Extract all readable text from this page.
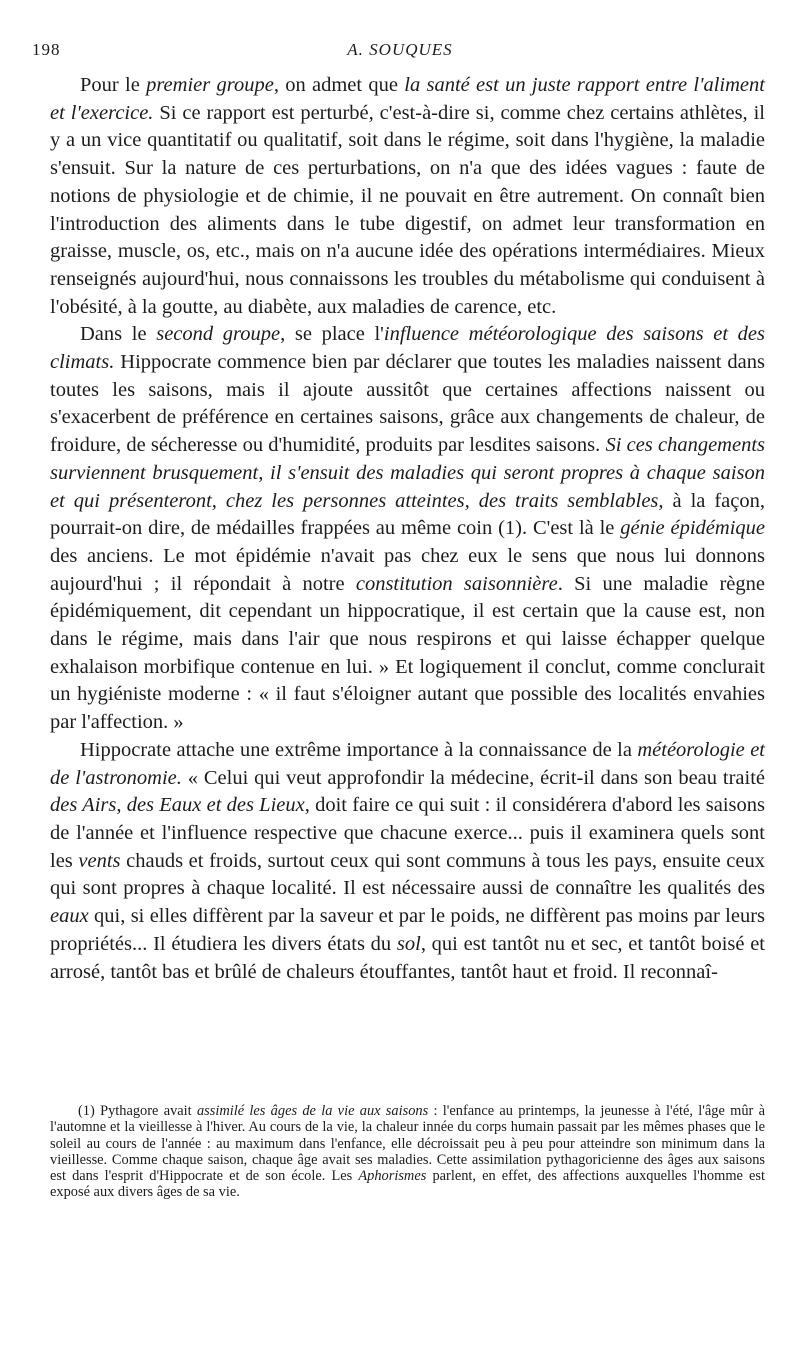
198	A. SOUQUES

Pour le premier groupe, on admet que la santé est un juste rapport entre l'aliment et l'exercice. Si ce rapport est perturbé, c'est-à-dire si, comme chez certains athlètes, il y a un vice quantitatif ou qualitatif, soit dans le régime, soit dans l'hygiène, la maladie s'ensuit. Sur la nature de ces perturbations, on n'a que des idées vagues : faute de notions de physiologie et de chimie, il ne pouvait en être autrement. On connaît bien l'introduction des aliments dans le tube digestif, on admet leur transformation en graisse, muscle, os, etc., mais on n'a aucune idée des opérations intermédiaires. Mieux renseignés aujourd'hui, nous connaissons les troubles du métabolisme qui conduisent à l'obésité, à la goutte, au diabète, aux maladies de carence, etc.

Dans le second groupe, se place l'influence météorologique des saisons et des climats. Hippocrate commence bien par déclarer que toutes les maladies naissent dans toutes les saisons, mais il ajoute aussitôt que certaines affections naissent ou s'exacerbent de préférence en certaines saisons, grâce aux changements de chaleur, de froidure, de sécheresse ou d'humidité, produits par lesdites saisons. Si ces changements surviennent brusquement, il s'ensuit des maladies qui seront propres à chaque saison et qui présenteront, chez les personnes atteintes, des traits semblables, à la façon, pourrait-on dire, de médailles frappées au même coin (1). C'est là le génie épidémique des anciens. Le mot épidémie n'avait pas chez eux le sens que nous lui donnons aujourd'hui ; il répondait à notre constitution saisonnière. Si une maladie règne épidémiquement, dit cependant un hippocratique, il est certain que la cause est, non dans le régime, mais dans l'air que nous respirons et qui laisse échapper quelque exhalaison morbifique contenue en lui. » Et logiquement il conclut, comme conclurait un hygiéniste moderne : « il faut s'éloigner autant que possible des localités envahies par l'affection. »

Hippocrate attache une extrême importance à la connaissance de la météorologie et de l'astronomie. « Celui qui veut approfondir la médecine, écrit-il dans son beau traité des Airs, des Eaux et des Lieux, doit faire ce qui suit : il considérera d'abord les saisons de l'année et l'influence respective que chacune exerce... puis il examinera quels sont les vents chauds et froids, surtout ceux qui sont communs à tous les pays, ensuite ceux qui sont propres à chaque localité. Il est nécessaire aussi de connaître les qualités des eaux qui, si elles diffèrent par la saveur et par le poids, ne diffèrent pas moins par leurs propriétés... Il étudiera les divers états du sol, qui est tantôt nu et sec, et tantôt boisé et arrosé, tantôt bas et brûlé de chaleurs étouffantes, tantôt haut et froid. Il reconnaî-

(1) Pythagore avait assimilé les âges de la vie aux saisons : l'enfance au printemps, la jeunesse à l'été, l'âge mûr à l'automne et la vieillesse à l'hiver. Au cours de la vie, la chaleur innée du corps humain passait par les mêmes phases que le soleil au cours de l'année : au maximum dans l'enfance, elle décroissait peu à peu pour atteindre son minimum dans la vieillesse. Comme chaque saison, chaque âge avait ses maladies. Cette assimilation pythagoricienne des âges aux saisons est dans l'esprit d'Hippocrate et de son école. Les Aphorismes parlent, en effet, des affections auxquelles l'homme est exposé aux divers âges de sa vie.
